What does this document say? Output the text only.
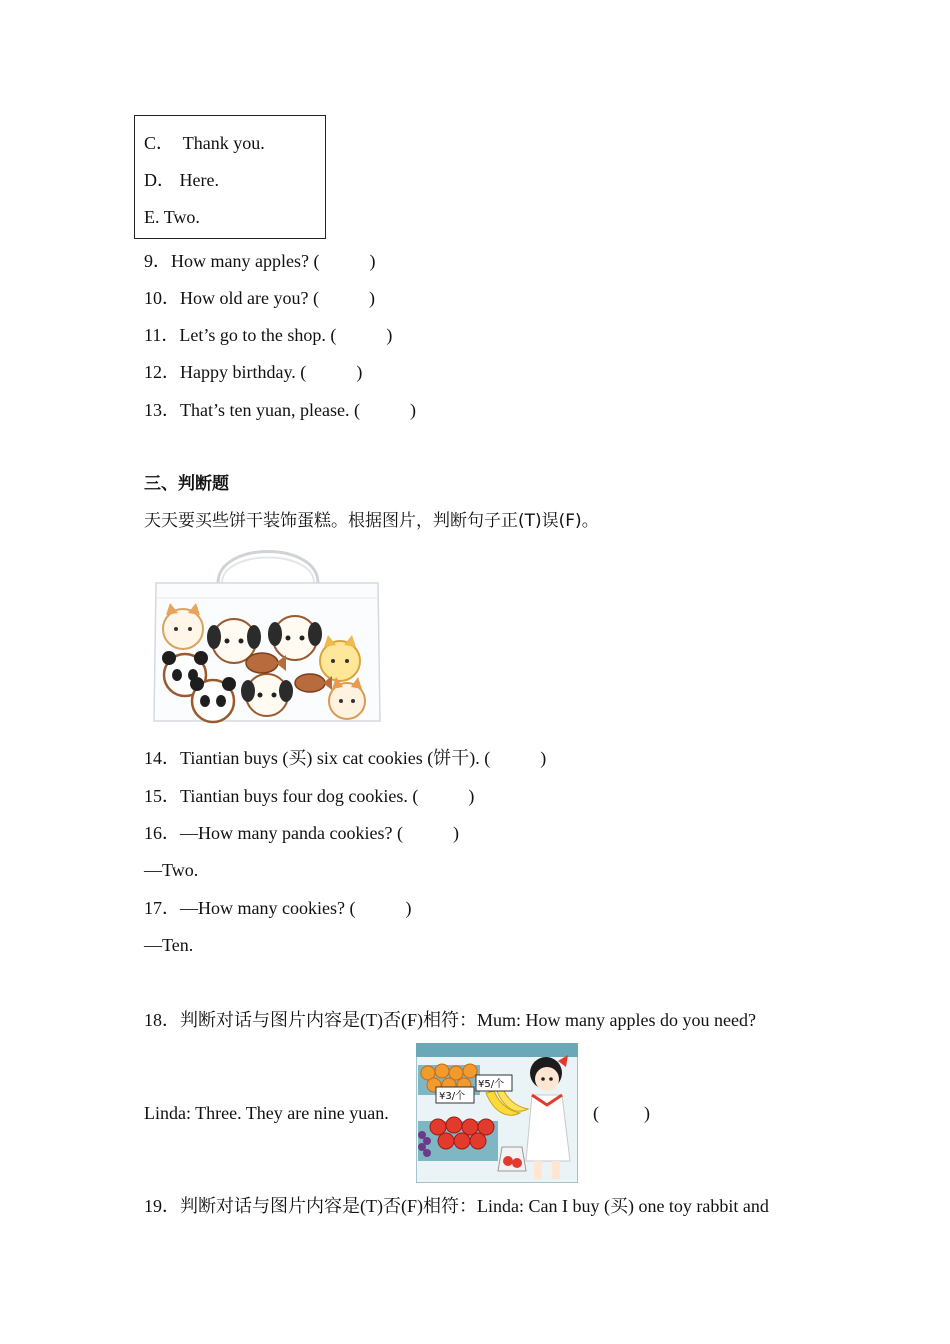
C． Thank you.
D． Here.
E. Two.
9．How many apples? (	)
10．How old are you? (	)
11．Let’s go to the shop. (	)
12．Happy birthday. (	)
13．That’s ten yuan, please. (	)
三、判断题
天天要买些饼干装饰蛋糕。根据图片，判断句子正(T)误(F)。
14．Tiantian buys (买) six cat cookies (饼干). (	)
15．Tiantian buys four dog cookies. (	)
16．—How many panda cookies? (	)
—Two.
17．—How many cookies? (	)
—Ten.
18．判断对话与图片内容是(T)否(F)相符：Mum: How many apples do you need?
Linda: Three. They are nine yuan.	(          )
¥3/个
¥5/个
19．判断对话与图片内容是(T)否(F)相符：Linda: Can I buy (买) one toy rabbit and
